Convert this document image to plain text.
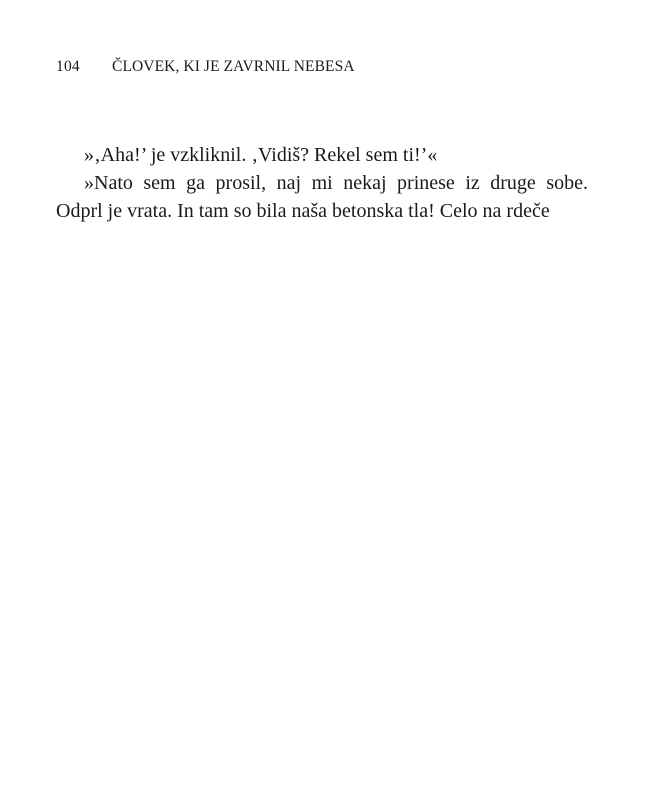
104 ČLOVEK, KI JE ZAVRNIL NEBESA

»‚Aha!’ je vzkliknil. ‚Vidiš? Rekel sem ti!’«

»Nato sem ga prosil, naj mi nekaj prinese iz druge sobe.
Odprl je vrata. In tam so bila naša betonska tla! Celo na rdeče
